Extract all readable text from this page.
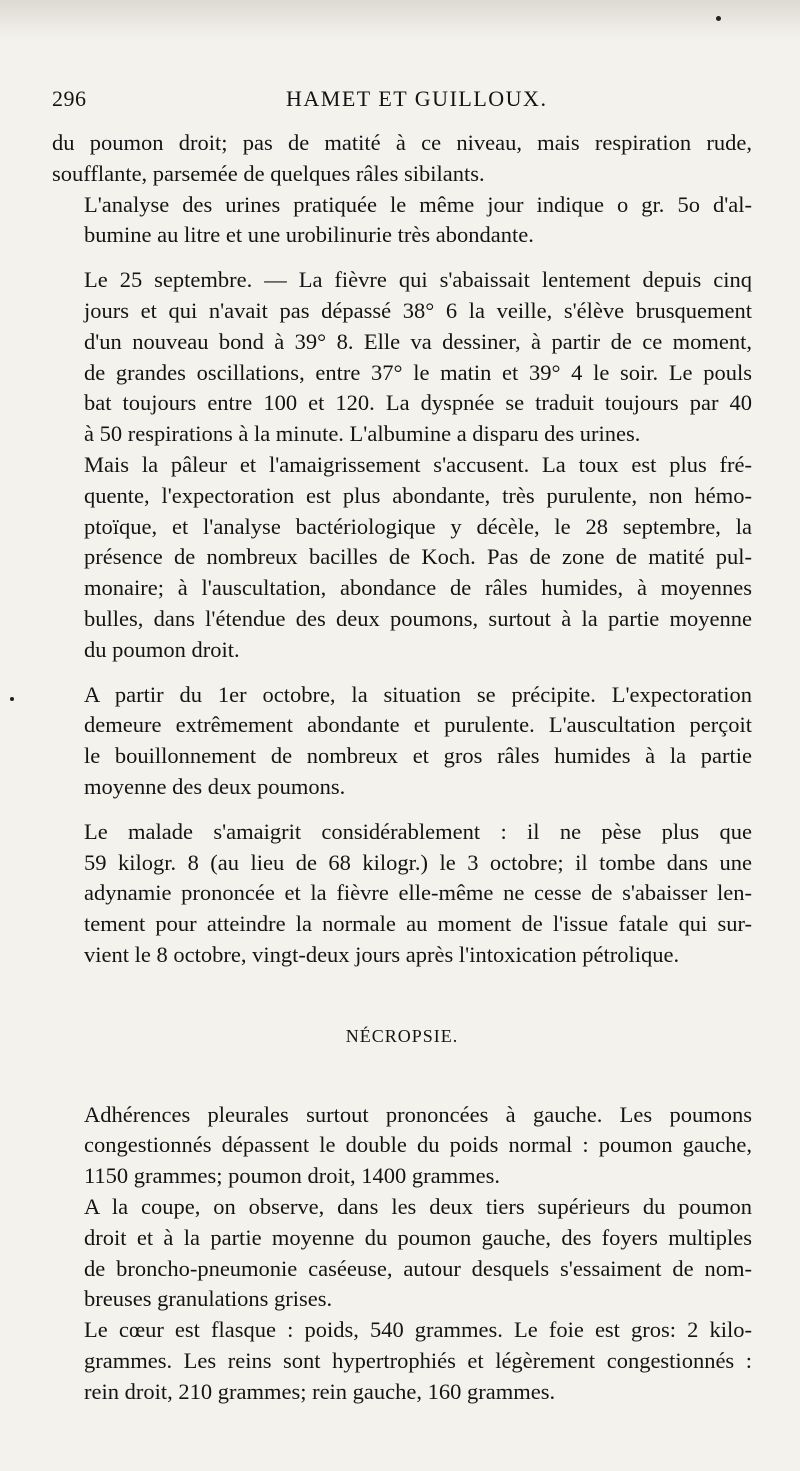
296	HAMET ET GUILLOUX.

du poumon droit; pas de matité à ce niveau, mais respiration rude,
soufflante, parsemée de quelques râles sibilants.

L'analyse des urines pratiquée le même jour indique o gr. 5o d'al-
bumine au litre et une urobilinurie très abondante.

Le 25 septembre. — La fièvre qui s'abaissait lentement depuis cinq
jours et qui n'avait pas dépassé 38° 6 la veille, s'élève brusquement
d'un nouveau bond à 39° 8. Elle va dessiner, à partir de ce moment,
de grandes oscillations, entre 37° le matin et 39° 4 le soir. Le pouls
bat toujours entre 100 et 120. La dyspnée se traduit toujours par 40
à 50 respirations à la minute. L'albumine a disparu des urines.

Mais la pâleur et l'amaigrissement s'accusent. La toux est plus fré-
quente, l'expectoration est plus abondante, très purulente, non hémo-
ptoïque, et l'analyse bactériologique y décèle, le 28 septembre, la
présence de nombreux bacilles de Koch. Pas de zone de matité pul-
monaire; à l'auscultation, abondance de râles humides, à moyennes
bulles, dans l'étendue des deux poumons, surtout à la partie moyenne
du poumon droit.

A partir du 1er octobre, la situation se précipite. L'expectoration
demeure extrêmement abondante et purulente. L'auscultation perçoit
le bouillonnement de nombreux et gros râles humides à la partie
moyenne des deux poumons.

Le malade s'amaigrit considérablement : il ne pèse plus que
59 kilogr. 8 (au lieu de 68 kilogr.) le 3 octobre; il tombe dans une
adynamie prononcée et la fièvre elle-même ne cesse de s'abaisser len-
tement pour atteindre la normale au moment de l'issue fatale qui sur-
vient le 8 octobre, vingt-deux jours après l'intoxication pétrolique.

NÉCROPSIE.

Adhérences pleurales surtout prononcées à gauche. Les poumons
congestionnés dépassent le double du poids normal : poumon gauche,
1150 grammes; poumon droit, 1400 grammes.

A la coupe, on observe, dans les deux tiers supérieurs du poumon
droit et à la partie moyenne du poumon gauche, des foyers multiples
de broncho-pneumonie caséeuse, autour desquels s'essaiment de nom-
breuses granulations grises.

Le cœur est flasque : poids, 540 grammes. Le foie est gros: 2 kilo-
grammes. Les reins sont hypertrophiés et légèrement congestionnés :
rein droit, 210 grammes; rein gauche, 160 grammes.
